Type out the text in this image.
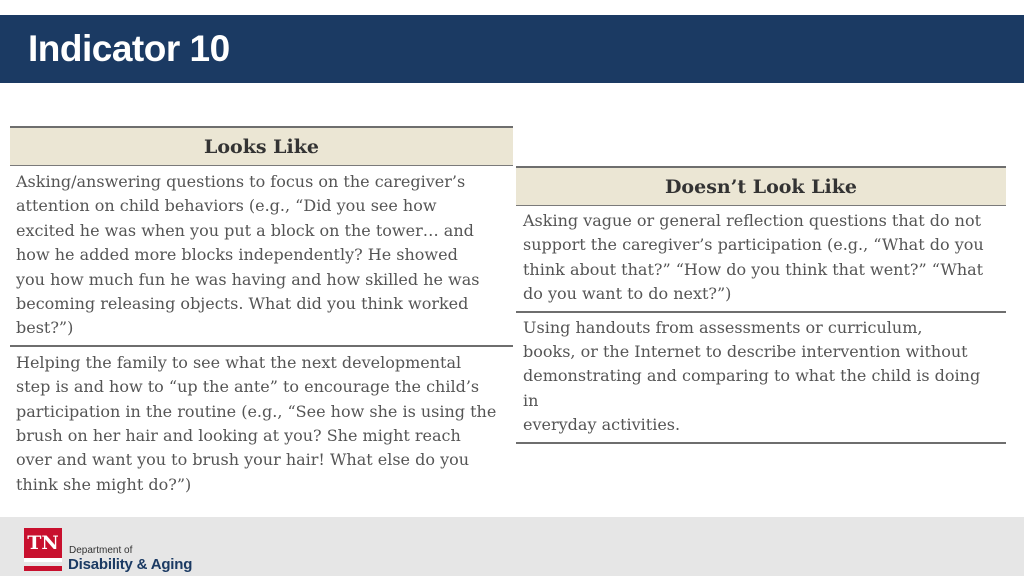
Indicator 10
Looks Like
Asking/answering questions to focus on the caregiver’s
attention on child behaviors (e.g., “Did you see how
excited he was when you put a block on the tower… and
how he added more blocks independently? He showed
you how much fun he was having and how skilled he was
becoming releasing objects. What did you think worked
best?”)
Helping the family to see what the next developmental
step is and how to “up the ante” to encourage the child’s
participation in the routine (e.g., “See how she is using the
brush on her hair and looking at you? She might reach
over and want you to brush your hair! What else do you
think she might do?”)
Doesn’t Look Like
Asking vague or general reflection questions that do not
support the caregiver’s participation (e.g., “What do you
think about that?” “How do you think that went?” “What
do you want to do next?”)
Using handouts from assessments or curriculum,
books, or the Internet to describe intervention without
demonstrating and comparing to what the child is doing in
everyday activities.
TN	Department of
Disability & Aging
